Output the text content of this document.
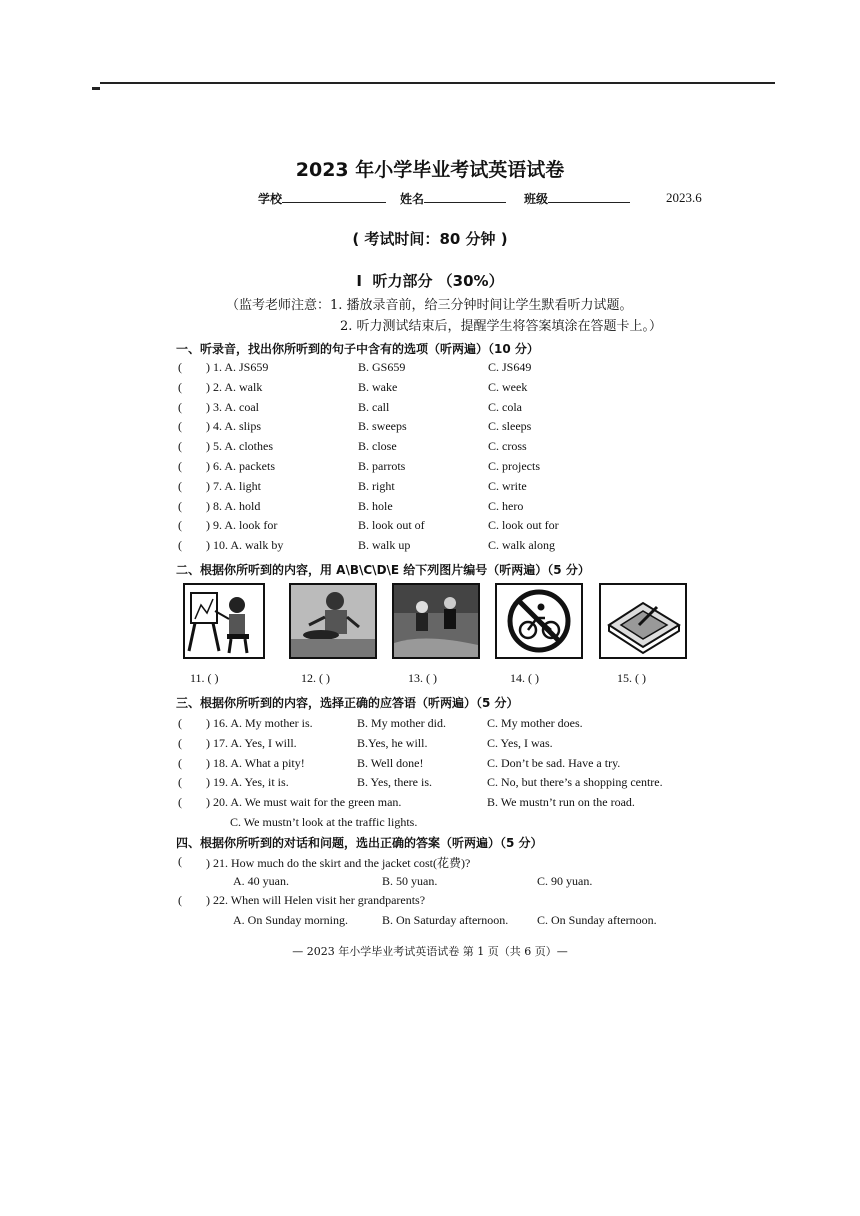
2023 年小学毕业考试英语试卷
学校	姓名	班级	2023.6
( 考试时间：80 分钟 )
Ⅰ 听力部分 （30%）
（监考老师注意：1. 播放录音前，给三分钟时间让学生默看听力试题。
2. 听力测试结束后，提醒学生将答案填涂在答题卡上。）
一、听录音，找出你所听到的句子中含有的选项（听两遍）（10 分）
( ) 1. A. JS659	B. GS659	C. JS649
( ) 2. A. walk	B. wake	C. week
( ) 3. A. coal	B. call	C. cola
( ) 4. A. slips	B. sweeps	C. sleeps
( ) 5. A. clothes	B. close	C. cross
( ) 6. A. packets	B. parrots	C. projects
( ) 7. A. light	B. right	C. write
( ) 8. A. hold	B. hole	C. hero
( ) 9. A. look for	B. look out of	C. look out for
( ) 10. A. walk by	B. walk up	C. walk along
二、根据你所听到的内容，用 A\B\C\D\E 给下列图片编号（听两遍）（5 分）
11. ( )	12. ( )	13. ( )	14. ( )	15. ( )
三、根据你所听到的内容，选择正确的应答语（听两遍）（5 分）
( ) 16. A. My mother is.	B. My mother did.	C. My mother does.
( ) 17. A. Yes, I will.	B.Yes, he will.	C. Yes, I was.
( ) 18. A. What a pity!	B. Well done!	C. Don’t be sad. Have a try.
( ) 19. A. Yes, it is.	B. Yes, there is.	C. No, but there’s a shopping centre.
( ) 20. A. We must wait for the green man.	B. We mustn’t run on the road.
C. We mustn’t look at the traffic lights.
四、根据你所听到的对话和问题，选出正确的答案（听两遍）（5 分）
( ) 21. How much do the skirt and the jacket cost(花费)?
A. 40 yuan.	B. 50 yuan.	C. 90 yuan.
( ) 22. When will Helen visit her grandparents?
A. On Sunday morning.	B. On Saturday afternoon. C. On Sunday afternoon.
— 2023 年小学毕业考试英语试卷 第 1 页（共 6 页）—
